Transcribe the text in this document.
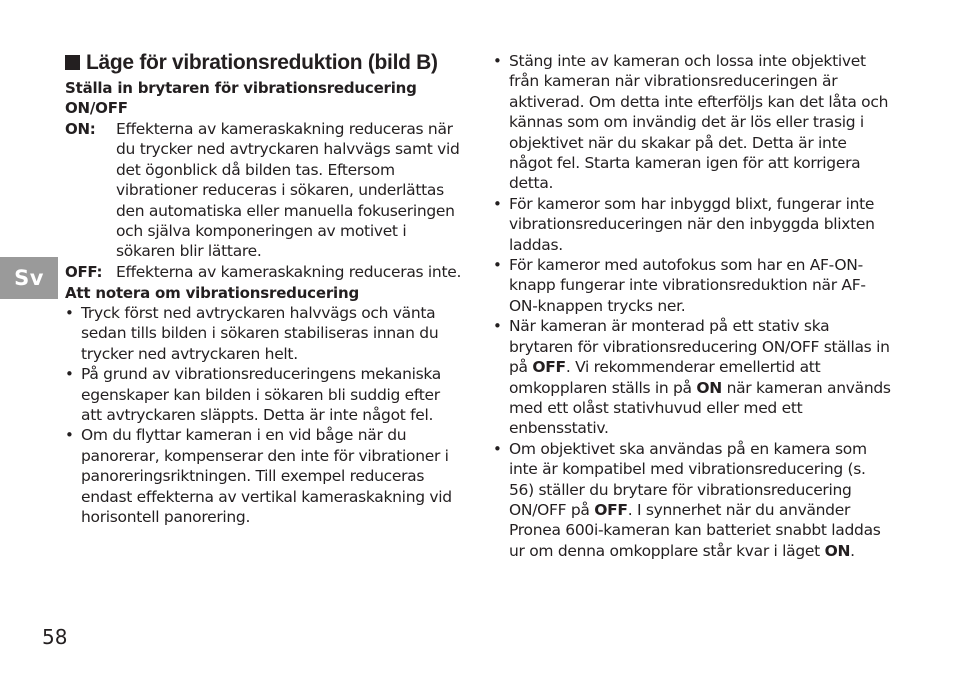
Sv
Läge för vibrationsreduktion (bild B)
Ställa in brytaren för vibrationsreducering ON/OFF
ON: Effekterna av kameraskakning reduceras när du trycker ned avtryckaren halvvägs samt vid det ögonblick då bilden tas. Eftersom vibrationer reduceras i sökaren, underlättas den automatiska eller manuella fokuseringen och själva komponeringen av motivet i sökaren blir lättare.
OFF: Effekterna av kameraskakning reduceras inte.
Att notera om vibrationsreducering
• Tryck först ned avtryckaren halvvägs och vänta sedan tills bilden i sökaren stabiliseras innan du trycker ned avtryckaren helt.
• På grund av vibrationsreduceringens mekaniska egenskaper kan bilden i sökaren bli suddig efter att avtryckaren släppts. Detta är inte något fel.
• Om du flyttar kameran i en vid båge när du panorerar, kompenserar den inte för vibrationer i panoreringsriktningen. Till exempel reduceras endast effekterna av vertikal kameraskakning vid horisontell panorering.
• Stäng inte av kameran och lossa inte objektivet från kameran när vibrationsreduceringen är aktiverad. Om detta inte efterföljs kan det låta och kännas som om invändig det är lös eller trasig i objektivet när du skakar på det. Detta är inte något fel. Starta kameran igen för att korrigera detta.
• För kameror som har inbyggd blixt, fungerar inte vibrationsreduceringen när den inbyggda blixten laddas.
• För kameror med autofokus som har en AF-ON-knapp fungerar inte vibrationsreduktion när AF-ON-knappen trycks ner.
• När kameran är monterad på ett stativ ska brytaren för vibrationsreducering ON/OFF ställas in på OFF. Vi rekommenderar emellertid att omkopplaren ställs in på ON när kameran används med ett olåst stativhuvud eller med ett enbensstativ.
• Om objektivet ska användas på en kamera som inte är kompatibel med vibrationsreducering (s. 56) ställer du brytare för vibrationsreducering ON/OFF på OFF. I synnerhet när du använder Pronea 600i-kameran kan batteriet snabbt laddas ur om denna omkopplare står kvar i läget ON.
58
